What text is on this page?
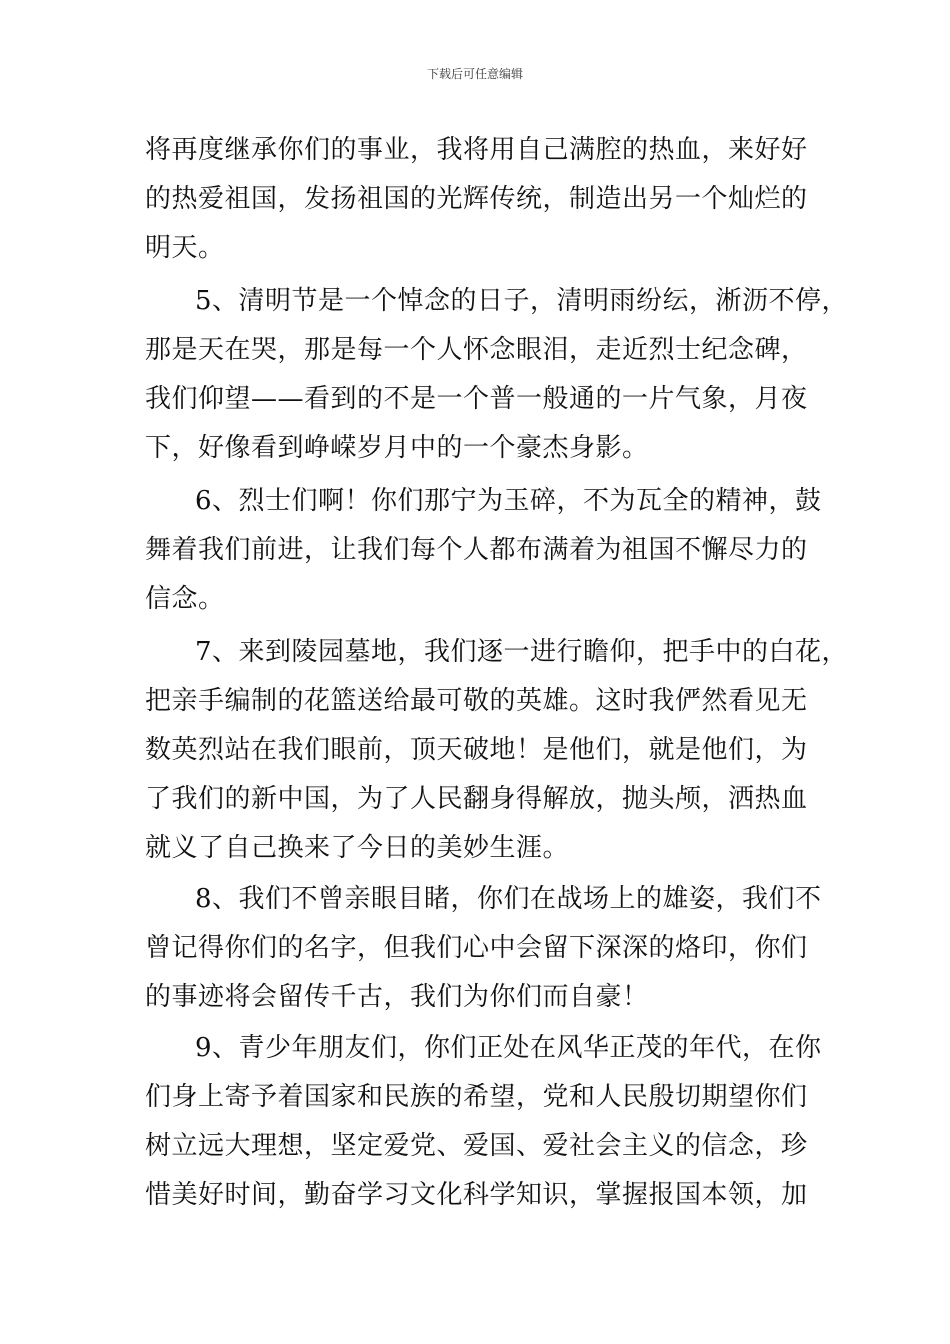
下载后可任意编辑
将再度继承你们的事业，我将用自己满腔的热血，来好好
的热爱祖国，发扬祖国的光辉传统，制造出另一个灿烂的
明天。
5、清明节是一个悼念的日子，清明雨纷纭，淅沥不停，
那是天在哭，那是每一个人怀念眼泪，走近烈士纪念碑，
我们仰望——看到的不是一个普一般通的一片气象，月夜
下，好像看到峥嵘岁月中的一个豪杰身影。
6、烈士们啊！你们那宁为玉碎，不为瓦全的精神，鼓
舞着我们前进，让我们每个人都布满着为祖国不懈尽力的
信念。
7、来到陵园墓地，我们逐一进行瞻仰，把手中的白花，
把亲手编制的花篮送给最可敬的英雄。这时我俨然看见无
数英烈站在我们眼前，顶天破地！是他们，就是他们，为
了我们的新中国，为了人民翻身得解放，抛头颅，洒热血
就义了自己换来了今日的美妙生涯。
8、我们不曾亲眼目睹，你们在战场上的雄姿，我们不
曾记得你们的名字，但我们心中会留下深深的烙印，你们
的事迹将会留传千古，我们为你们而自豪！
9、青少年朋友们，你们正处在风华正茂的年代，在你
们身上寄予着国家和民族的希望，党和人民殷切期望你们
树立远大理想，坚定爱党、爱国、爱社会主义的信念，珍
惜美好时间，勤奋学习文化科学知识，掌握报国本领，加
